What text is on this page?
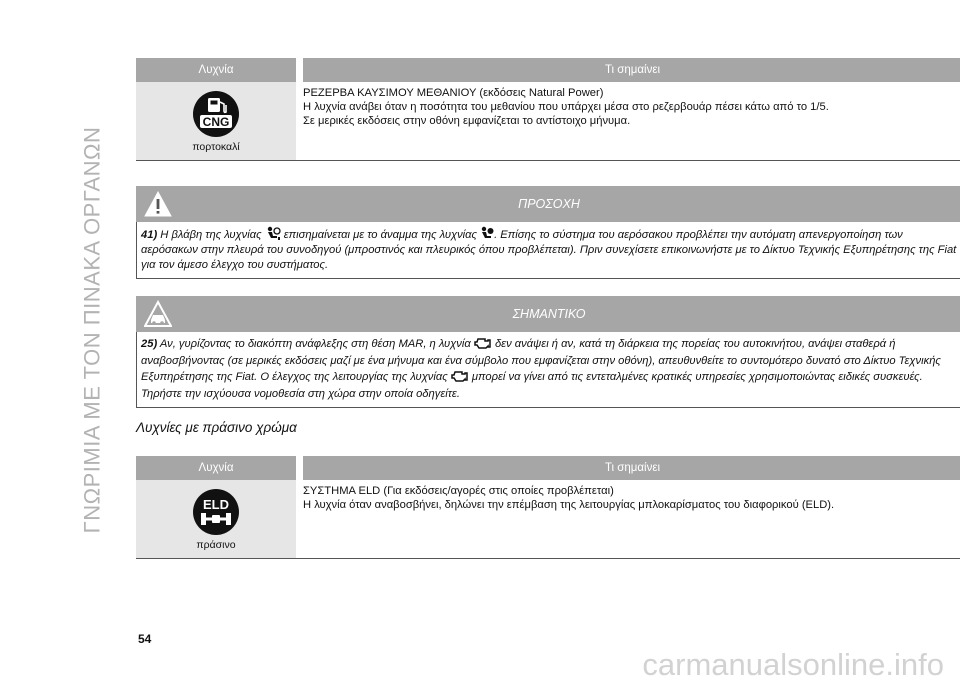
ΓΝΩΡΙΜΙΑ ΜΕ ΤΟΝ ΠΙΝΑΚΑ ΟΡΓΑΝΩΝ
Λυχνία	Τι σημαίνει
CNG
πορτοκαλί
ΡΕΖΕΡΒΑ ΚΑΥΣΙΜΟΥ ΜΕΘΑΝΙΟΥ (εκδόσεις Natural Power)
Η λυχνία ανάβει όταν η ποσότητα του μεθανίου που υπάρχει μέσα στο ρεζερβουάρ πέσει κάτω από το 1/5.
Σε μερικές εκδόσεις στην οθόνη εμφανίζεται το αντίστοιχο μήνυμα.
ΠΡΟΣΟΧΗ
41) Η βλάβη της λυχνίας  επισημαίνεται με το άναμμα της λυχνίας . Επίσης το σύστημα του αερόσακου προβλέπει την αυτόματη απενεργοποίηση των αερόσακων στην πλευρά του συνοδηγού (μπροστινός και πλευρικός όπου προβλέπεται). Πριν συνεχίσετε επικοινωνήστε με το Δίκτυο Τεχνικής Εξυπηρέτησης της Fiat για τον άμεσο έλεγχο του συστήματος.
ΣΗΜΑΝΤΙΚΟ
25) Αν, γυρίζοντας το διακόπτη ανάφλεξης στη θέση MAR, η λυχνία  δεν ανάψει ή αν, κατά τη διάρκεια της πορείας του αυτοκινήτου, ανάψει σταθερά ή αναβοσβήνοντας (σε μερικές εκδόσεις μαζί με ένα μήνυμα και ένα σύμβολο που εμφανίζεται στην οθόνη), απευθυνθείτε το συντομότερο δυνατό στο Δίκτυο Τεχνικής Εξυπηρέτησης της Fiat. Ο έλεγχος της λειτουργίας της λυχνίας  μπορεί να γίνει από τις εντεταλμένες κρατικές υπηρεσίες χρησιμοποιώντας ειδικές συσκευές. Τηρήστε την ισχύουσα νομοθεσία στη χώρα στην οποία οδηγείτε.
Λυχνίες με πράσινο χρώμα
Λυχνία	Τι σημαίνει
ELD
πράσινο
ΣΥΣΤΗΜΑ ELD (Για εκδόσεις/αγορές στις οποίες προβλέπεται)
Η λυχνία όταν αναβοσβήνει, δηλώνει την επέμβαση της λειτουργίας μπλοκαρίσματος του διαφορικού (ELD).
54
carmanualsonline.info
